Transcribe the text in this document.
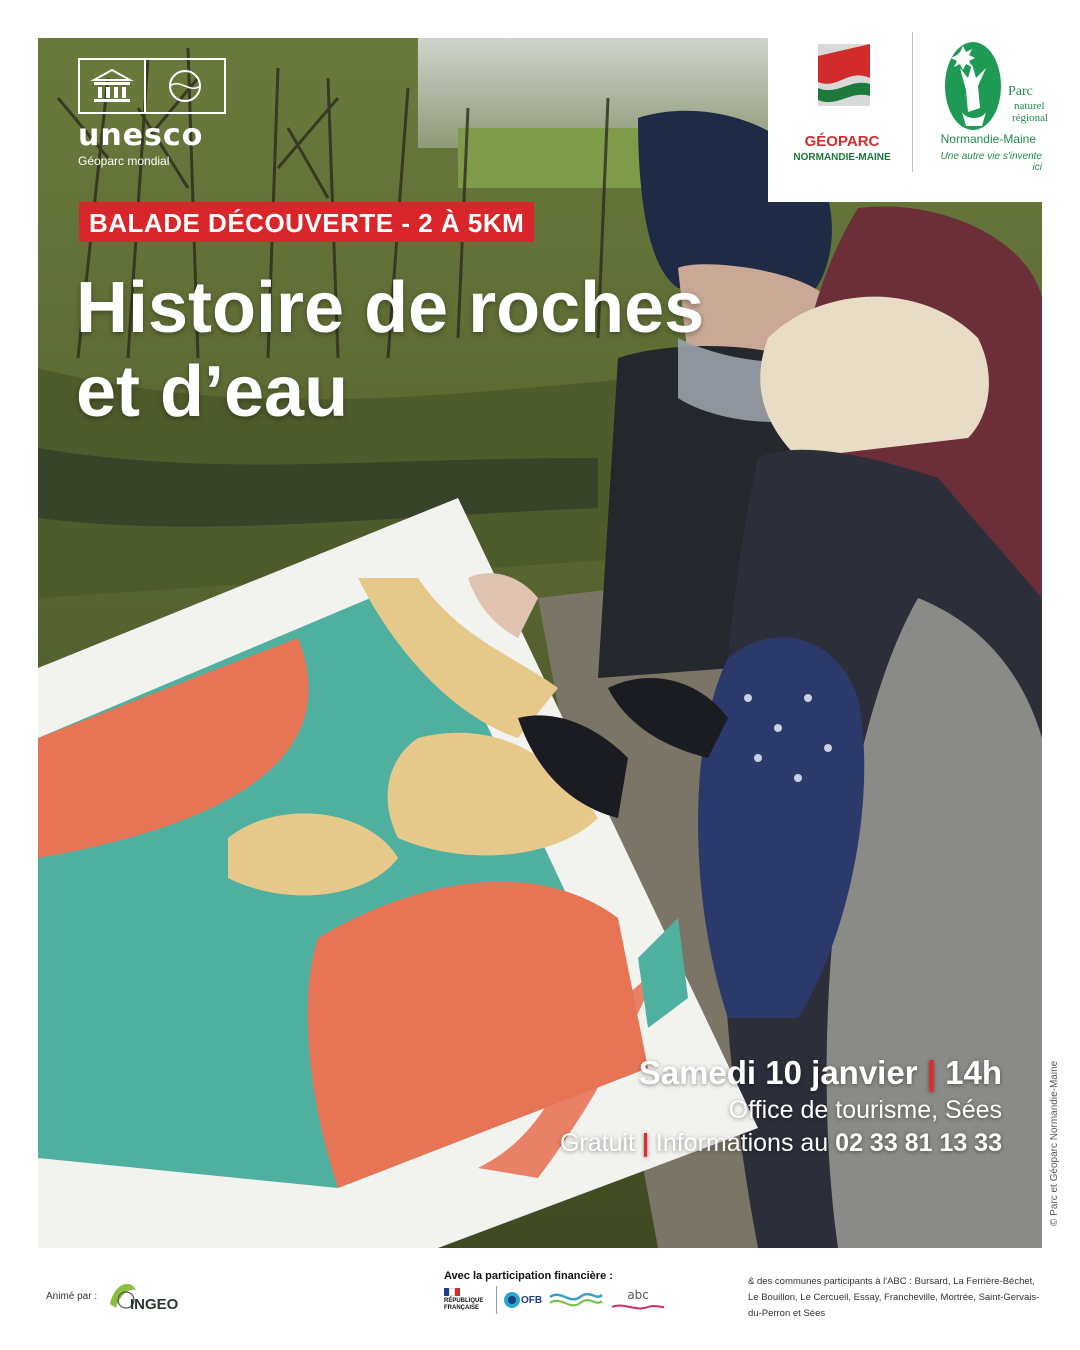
unesco
Géoparc mondial
GÉOPARC
NORMANDIE-MAINE
Parc
naturel
régional
Normandie-Maine
Une autre vie s'invente ici
BALADE DÉCOUVERTE - 2 À 5KM
Histoire de roches
et d’eau
Samedi 10 janvier | 14h
Office de tourisme, Sées
Gratuit | Informations au 02 33 81 13 33	© Parc et Géoparc Normandie-Maine
Animé par : INGEO
Avec la participation financière :
RÉPUBLIQUE FRANÇAISE
OFB	abc
& des communes participants à l'ABC : Bursard, La Ferrière-Béchet, Le Bouillon, Le Cercueil, Essay, Francheville, Mortrée, Saint-Gervais-du-Perron et Sées
